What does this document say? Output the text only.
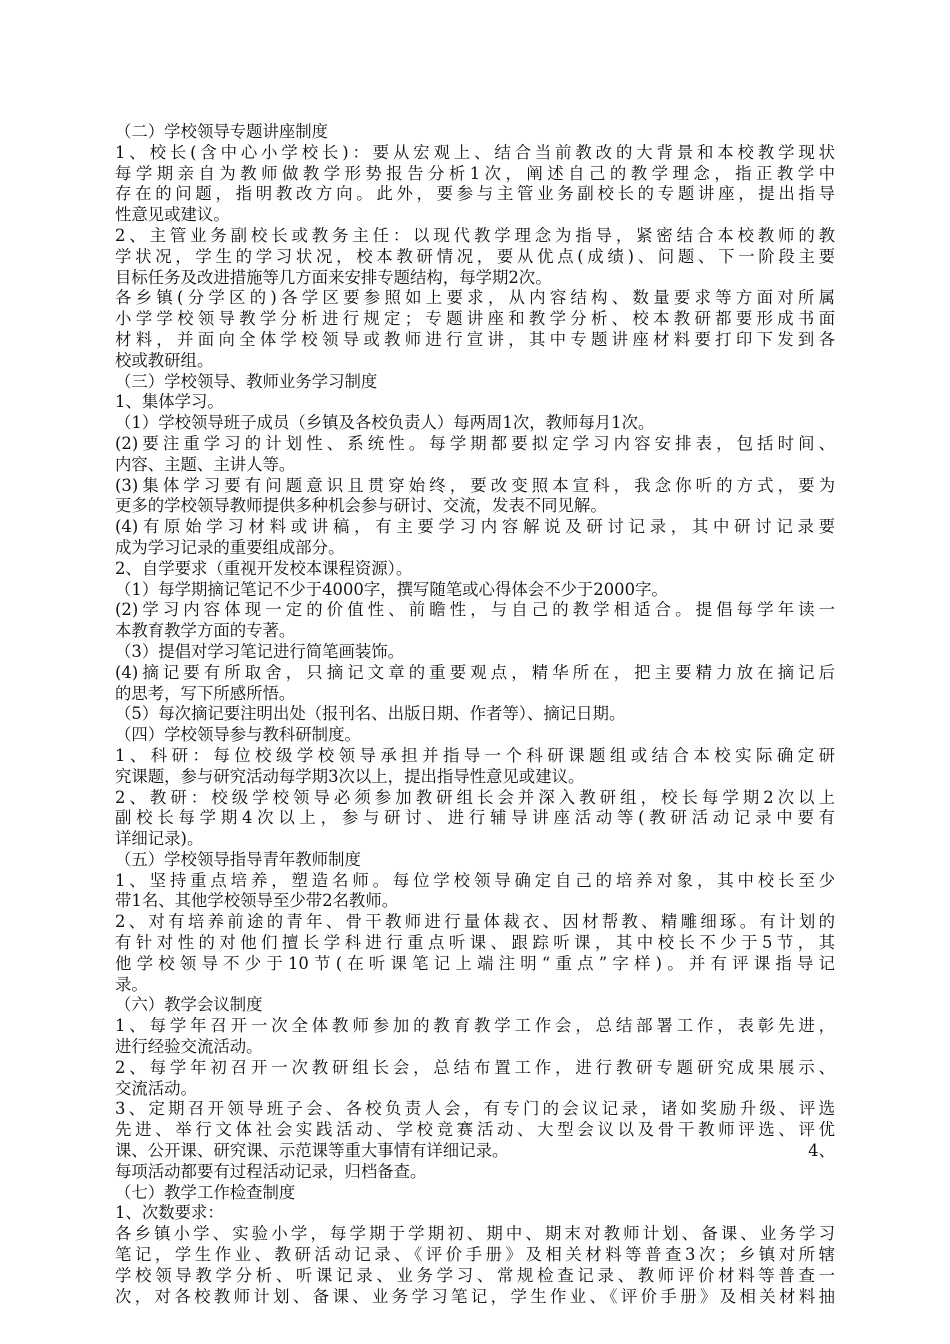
（二）学校领导专题讲座制度
1、校长(含中心小学校长)：要从宏观上、结合当前教改的大背景和本校教学现状
每学期亲自为教师做教学形势报告分析1次，阐述自己的教学理念，指正教学中
存在的问题，指明教改方向。此外，要参与主管业务副校长的专题讲座，提出指导
性意见或建议。
2、主管业务副校长或教务主任：以现代教学理念为指导，紧密结合本校教师的教
学状况，学生的学习状况，校本教研情况，要从优点(成绩)、问题、下一阶段主要
目标任务及改进措施等几方面来安排专题结构，每学期2次。
各乡镇(分学区的)各学区要参照如上要求，从内容结构、数量要求等方面对所属
小学学校领导教学分析进行规定；专题讲座和教学分析、校本教研都要形成书面
材料，并面向全体学校领导或教师进行宣讲，其中专题讲座材料要打印下发到各
校或教研组。
（三）学校领导、教师业务学习制度
1、集体学习。
（1）学校领导班子成员（乡镇及各校负责人）每两周1次，教师每月1次。
(2)要注重学习的计划性、系统性。每学期都要拟定学习内容安排表，包括时间、
内容、主题、主讲人等。
(3)集体学习要有问题意识且贯穿始终，要改变照本宣科，我念你听的方式，要为
更多的学校领导教师提供多种机会参与研讨、交流，发表不同见解。
(4)有原始学习材料或讲稿，有主要学习内容解说及研讨记录，其中研讨记录要
成为学习记录的重要组成部分。
2、自学要求（重视开发校本课程资源）。
（1）每学期摘记笔记不少于4000字，撰写随笔或心得体会不少于2000字。
(2)学习内容体现一定的价值性、前瞻性，与自己的教学相适合。提倡每学年读一
本教育教学方面的专著。
（3）提倡对学习笔记进行简笔画装饰。
(4)摘记要有所取舍，只摘记文章的重要观点，精华所在，把主要精力放在摘记后
的思考，写下所感所悟。
（5）每次摘记要注明出处（报刊名、出版日期、作者等）、摘记日期。
（四）学校领导参与教科研制度。
1、科研：每位校级学校领导承担并指导一个科研课题组或结合本校实际确定研
究课题，参与研究活动每学期3次以上，提出指导性意见或建议。
2、教研：校级学校领导必须参加教研组长会并深入教研组，校长每学期2次以上
副校长每学期4次以上，参与研讨、进行辅导讲座活动等(教研活动记录中要有
详细记录)。
（五）学校领导指导青年教师制度
1、坚持重点培养，塑造名师。每位学校领导确定自己的培养对象，其中校长至少
带1名、其他学校领导至少带2名教师。
2、对有培养前途的青年、骨干教师进行量体裁衣、因材帮教、精雕细琢。有计划的
有针对性的对他们擅长学科进行重点听课、跟踪听课，其中校长不少于5节，其
他学校领导不少于10节(在听课笔记上端注明“重点”字样)。并有评课指导记
录。
（六）教学会议制度
1、每学年召开一次全体教师参加的教育教学工作会，总结部署工作，表彰先进，
进行经验交流活动。
2、每学年初召开一次教研组长会，总结布置工作，进行教研专题研究成果展示、
交流活动。
3、定期召开领导班子会、各校负责人会，有专门的会议记录，诸如奖励升级、评选
先进、举行文体社会实践活动、学校竞赛活动、大型会议以及骨干教师评选、评优
课、公开课、研究课、示范课等重大事情有详细记录。	4、
每项活动都要有过程活动记录，归档备查。
（七）教学工作检查制度
1、次数要求：
各乡镇小学、实验小学，每学期于学期初、期中、期末对教师计划、备课、业务学习
笔记，学生作业、教研活动记录、《评价手册》及相关材料等普查3次；乡镇对所辖
学校领导教学分析、听课记录、业务学习、常规检查记录、教师评价材料等普查一
次，对各校教师计划、备课、业务学习笔记，学生作业、《评价手册》及相关材料抽
